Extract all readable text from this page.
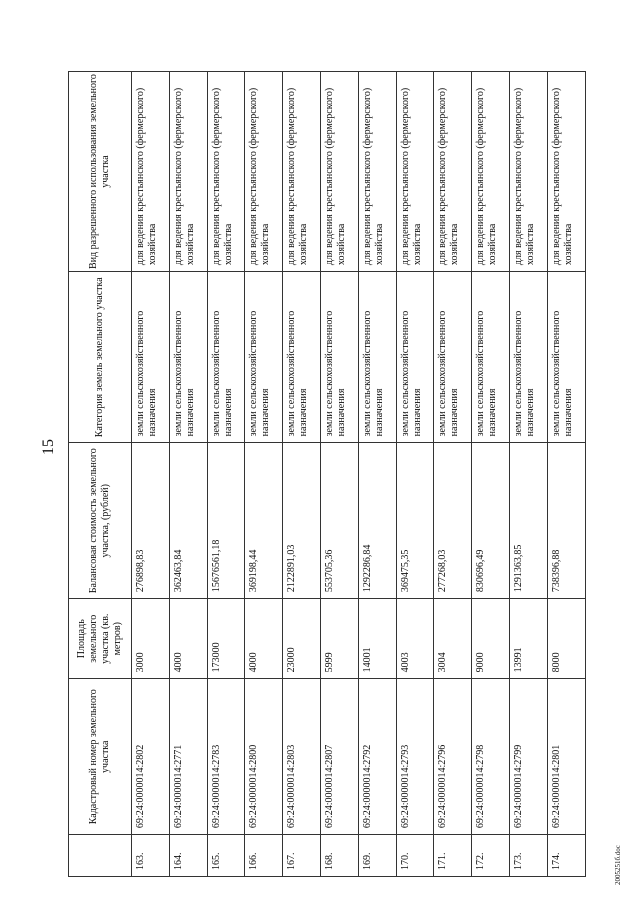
15
	Кадастровый номер земельного участка	Площадь земельного участка (кв. метров)	Балансовая стоимость земельного участка, (рублей)	Категория земель земельного участка	Вид разрешенного использования земельного участка
163.	69:24:0000014:2802	3000	276898,83	земли сельскохозяйственного назначения	для ведения крестьянского (фермерского) хозяйства
164.	69:24:0000014:2771	4000	362463,84	земли сельскохозяйственного назначения	для ведения крестьянского (фермерского) хозяйства
165.	69:24:0000014:2783	173000	15676561,18	земли сельскохозяйственного назначения	для ведения крестьянского (фермерского) хозяйства
166.	69:24:0000014:2800	4000	369198,44	земли сельскохозяйственного назначения	для ведения крестьянского (фермерского) хозяйства
167.	69:24:0000014:2803	23000	2122891,03	земли сельскохозяйственного назначения	для ведения крестьянского (фермерского) хозяйства
168.	69:24:0000014:2807	5999	553705,36	земли сельскохозяйственного назначения	для ведения крестьянского (фермерского) хозяйства
169.	69:24:0000014:2792	14001	1292286,84	земли сельскохозяйственного назначения	для ведения крестьянского (фермерского) хозяйства
170.	69:24:0000014:2793	4003	369475,35	земли сельскохозяйственного назначения	для ведения крестьянского (фермерского) хозяйства
171.	69:24:0000014:2796	3004	277268,03	земли сельскохозяйственного назначения	для ведения крестьянского (фермерского) хозяйства
172.	69:24:0000014:2798	9000	830696,49	земли сельскохозяйственного назначения	для ведения крестьянского (фермерского) хозяйства
173.	69:24:0000014:2799	13991	1291363,85	земли сельскохозяйственного назначения	для ведения крестьянского (фермерского) хозяйства
174.	69:24:0000014:2801	8000	738396,88	земли сельскохозяйственного назначения	для ведения крестьянского (фермерского) хозяйства
2005251б.doc
